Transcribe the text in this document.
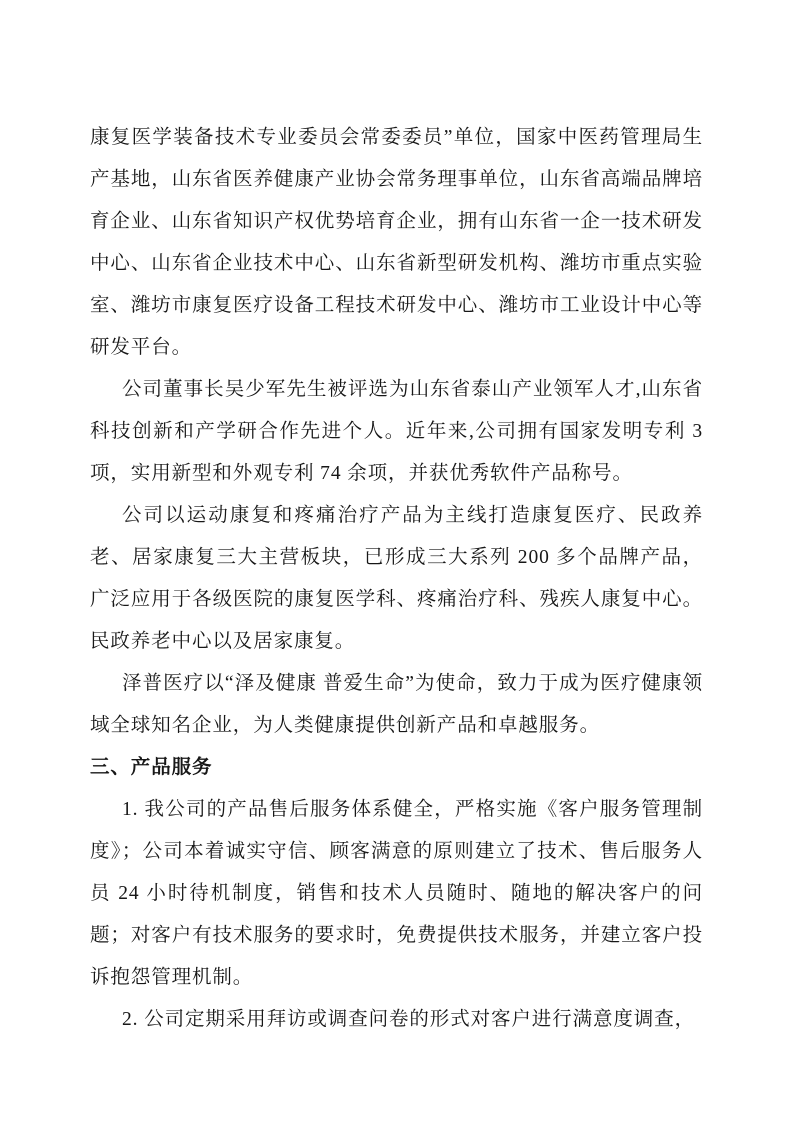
康复医学装备技术专业委员会常委委员”单位，国家中医药管理局生产基地，山东省医养健康产业协会常务理事单位，山东省高端品牌培育企业、山东省知识产权优势培育企业，拥有山东省一企一技术研发中心、山东省企业技术中心、山东省新型研发机构、潍坊市重点实验室、潍坊市康复医疗设备工程技术研发中心、潍坊市工业设计中心等研发平台。

公司董事长吴少军先生被评选为山东省泰山产业领军人才,山东省科技创新和产学研合作先进个人。近年来,公司拥有国家发明专利 3 项，实用新型和外观专利 74 余项，并获优秀软件产品称号。

公司以运动康复和疼痛治疗产品为主线打造康复医疗、民政养老、居家康复三大主营板块，已形成三大系列 200 多个品牌产品，广泛应用于各级医院的康复医学科、疼痛治疗科、残疾人康复中心。民政养老中心以及居家康复。

泽普医疗以“泽及健康 普爱生命”为使命，致力于成为医疗健康领域全球知名企业，为人类健康提供创新产品和卓越服务。

三、产品服务

1. 我公司的产品售后服务体系健全，严格实施《客户服务管理制度》；公司本着诚实守信、顾客满意的原则建立了技术、售后服务人员 24 小时待机制度，销售和技术人员随时、随地的解决客户的问题；对客户有技术服务的要求时，免费提供技术服务，并建立客户投诉抱怨管理机制。

2. 公司定期采用拜访或调查问卷的形式对客户进行满意度调查，
